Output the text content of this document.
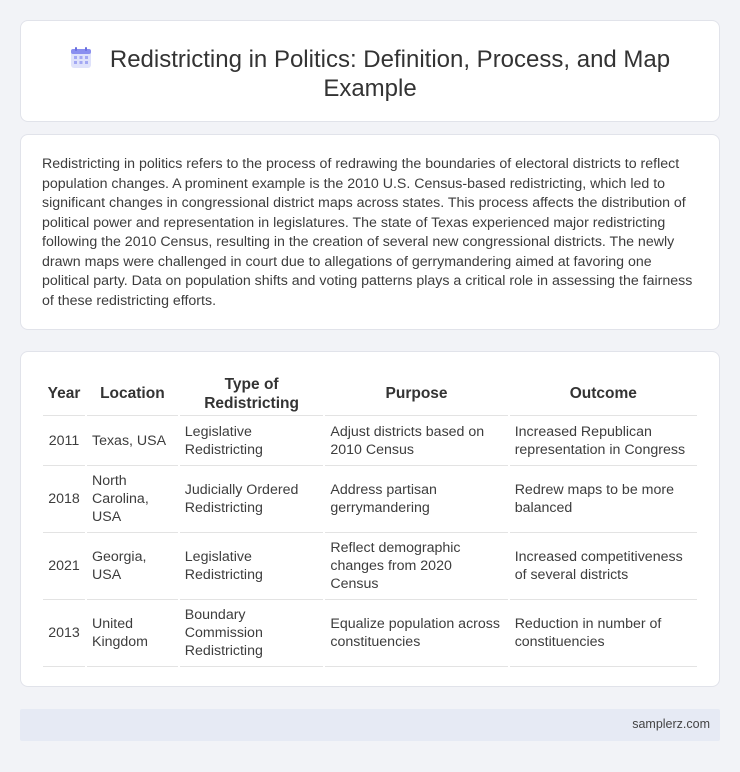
Redistricting in Politics: Definition, Process, and Map Example

Redistricting in politics refers to the process of redrawing the boundaries of electoral districts to reflect population changes. A prominent example is the 2010 U.S. Census-based redistricting, which led to significant changes in congressional district maps across states. This process affects the distribution of political power and representation in legislatures. The state of Texas experienced major redistricting following the 2010 Census, resulting in the creation of several new congressional districts. The newly drawn maps were challenged in court due to allegations of gerrymandering aimed at favoring one political party. Data on population shifts and voting patterns plays a critical role in assessing the fairness of these redistricting efforts.

Year	Location	Type of Redistricting	Purpose	Outcome
2011	Texas, USA	Legislative Redistricting	Adjust districts based on 2010 Census	Increased Republican representation in Congress
2018	North Carolina, USA	Judicially Ordered Redistricting	Address partisan gerrymandering	Redrew maps to be more balanced
2021	Georgia, USA	Legislative Redistricting	Reflect demographic changes from 2020 Census	Increased competitiveness of several districts
2013	United Kingdom	Boundary Commission Redistricting	Equalize population across constituencies	Reduction in number of constituencies
samplerz.com
